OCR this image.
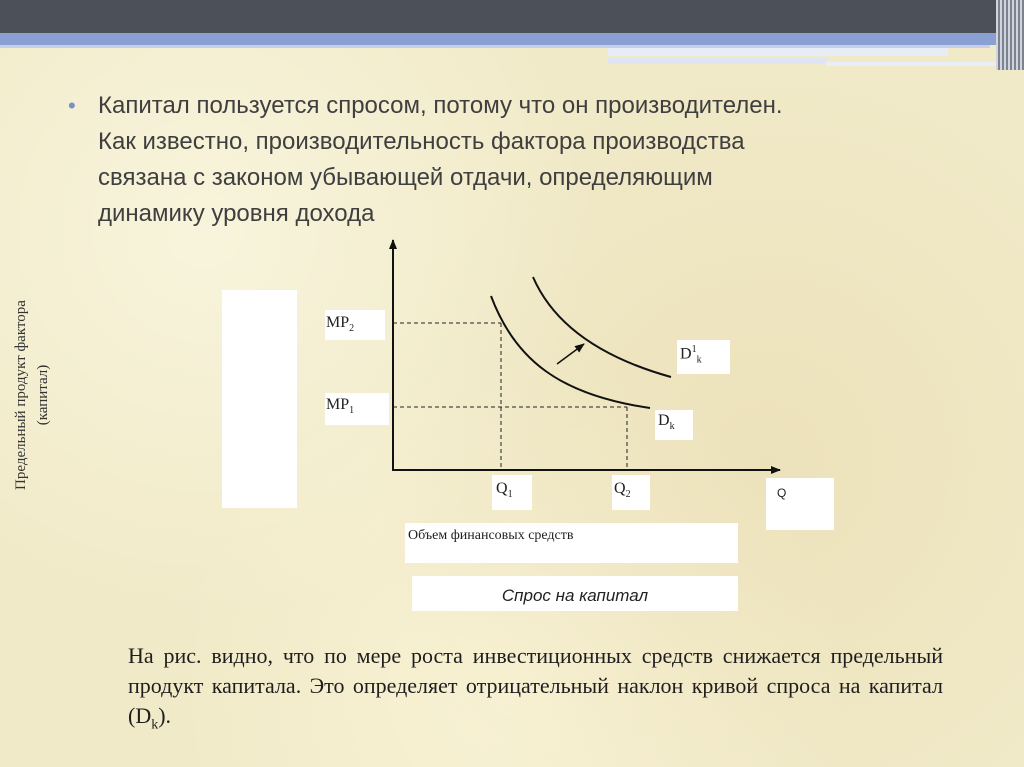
• Капитал пользуется спросом, потому что он производителен.
Как известно, производительность фактора производства
связана с законом убывающей отдачи, определяющим
динамику уровня дохода
Предельный продукт фактора (капитал)
$MP_2$
$MP_1$
$D^1_k$
$D_k$
$Q_1$	$Q_2$	Q
Объем финансовых средств
Спрос на капитал
На рис. видно, что по мере роста инвестиционных средств снижается предельный продукт капитала. Это определяет отрицательный наклон кривой спроса на капитал $(D_k)$.
